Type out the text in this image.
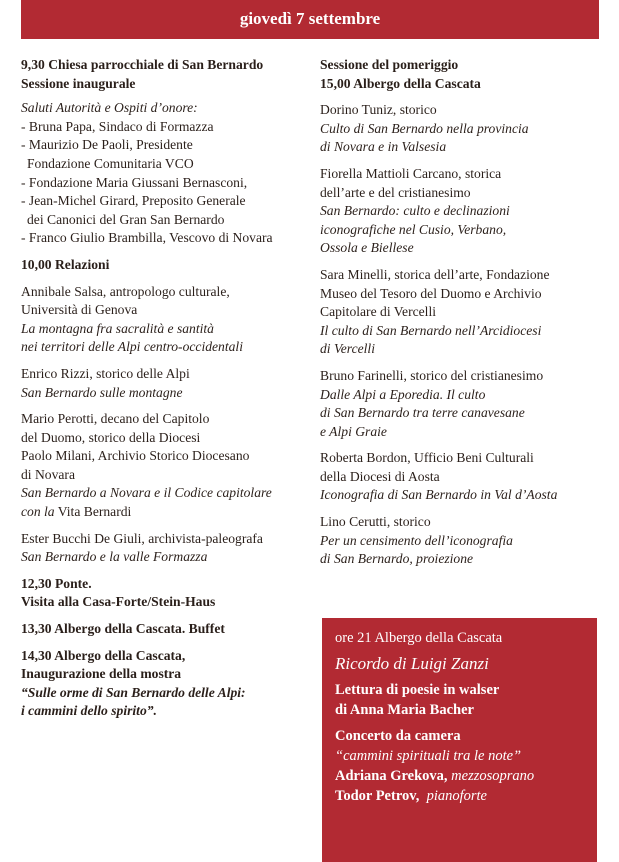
giovedì 7 settembre
9,30 Chiesa parrocchiale di San Bernardo
Sessione inaugurale
Saluti Autorità e Ospiti d’onore:
- Bruna Papa, Sindaco di Formazza
- Maurizio De Paoli, Presidente
Fondazione Comunitaria VCO
- Fondazione Maria Giussani Bernasconi,
- Jean-Michel Girard, Preposito Generale
dei Canonici del Gran San Bernardo
- Franco Giulio Brambilla, Vescovo di Novara
10,00 Relazioni
Annibale Salsa, antropologo culturale,
Università di Genova
La montagna fra sacralità e santità
nei territori delle Alpi centro-occidentali
Enrico Rizzi, storico delle Alpi
San Bernardo sulle montagne
Mario Perotti, decano del Capitolo
del Duomo, storico della Diocesi
Paolo Milani, Archivio Storico Diocesano
di Novara
San Bernardo a Novara e il Codice capitolare
con la Vita Bernardi
Ester Bucchi De Giuli, archivista-paleografa
San Bernardo e la valle Formazza
12,30 Ponte.
Visita alla Casa-Forte/Stein-Haus
13,30 Albergo della Cascata. Buffet
14,30 Albergo della Cascata,
Inaugurazione della mostra
“Sulle orme di San Bernardo delle Alpi:
i cammini dello spirito”.
Sessione del pomeriggio
15,00 Albergo della Cascata
Dorino Tuniz, storico
Culto di San Bernardo nella provincia
di Novara e in Valsesia
Fiorella Mattioli Carcano, storica
dell’arte e del cristianesimo
San Bernardo: culto e declinazioni
iconografiche nel Cusio, Verbano,
Ossola e Biellese
Sara Minelli, storica dell’arte, Fondazione
Museo del Tesoro del Duomo e Archivio
Capitolare di Vercelli
Il culto di San Bernardo nell’Arcidiocesi
di Vercelli
Bruno Farinelli, storico del cristianesimo
Dalle Alpi a Eporedia. Il culto
di San Bernardo tra terre canavesane
e Alpi Graie
Roberta Bordon, Ufficio Beni Culturali
della Diocesi di Aosta
Iconografia di San Bernardo in Val d’Aosta
Lino Cerutti, storico
Per un censimento dell’iconografia
di San Bernardo, proiezione
ore 21 Albergo della Cascata
Ricordo di Luigi Zanzi
Lettura di poesie in walser
di Anna Maria Bacher
Concerto da camera
“cammini spirituali tra le note”
Adriana Grekova, mezzosoprano
Todor Petrov, pianoforte
